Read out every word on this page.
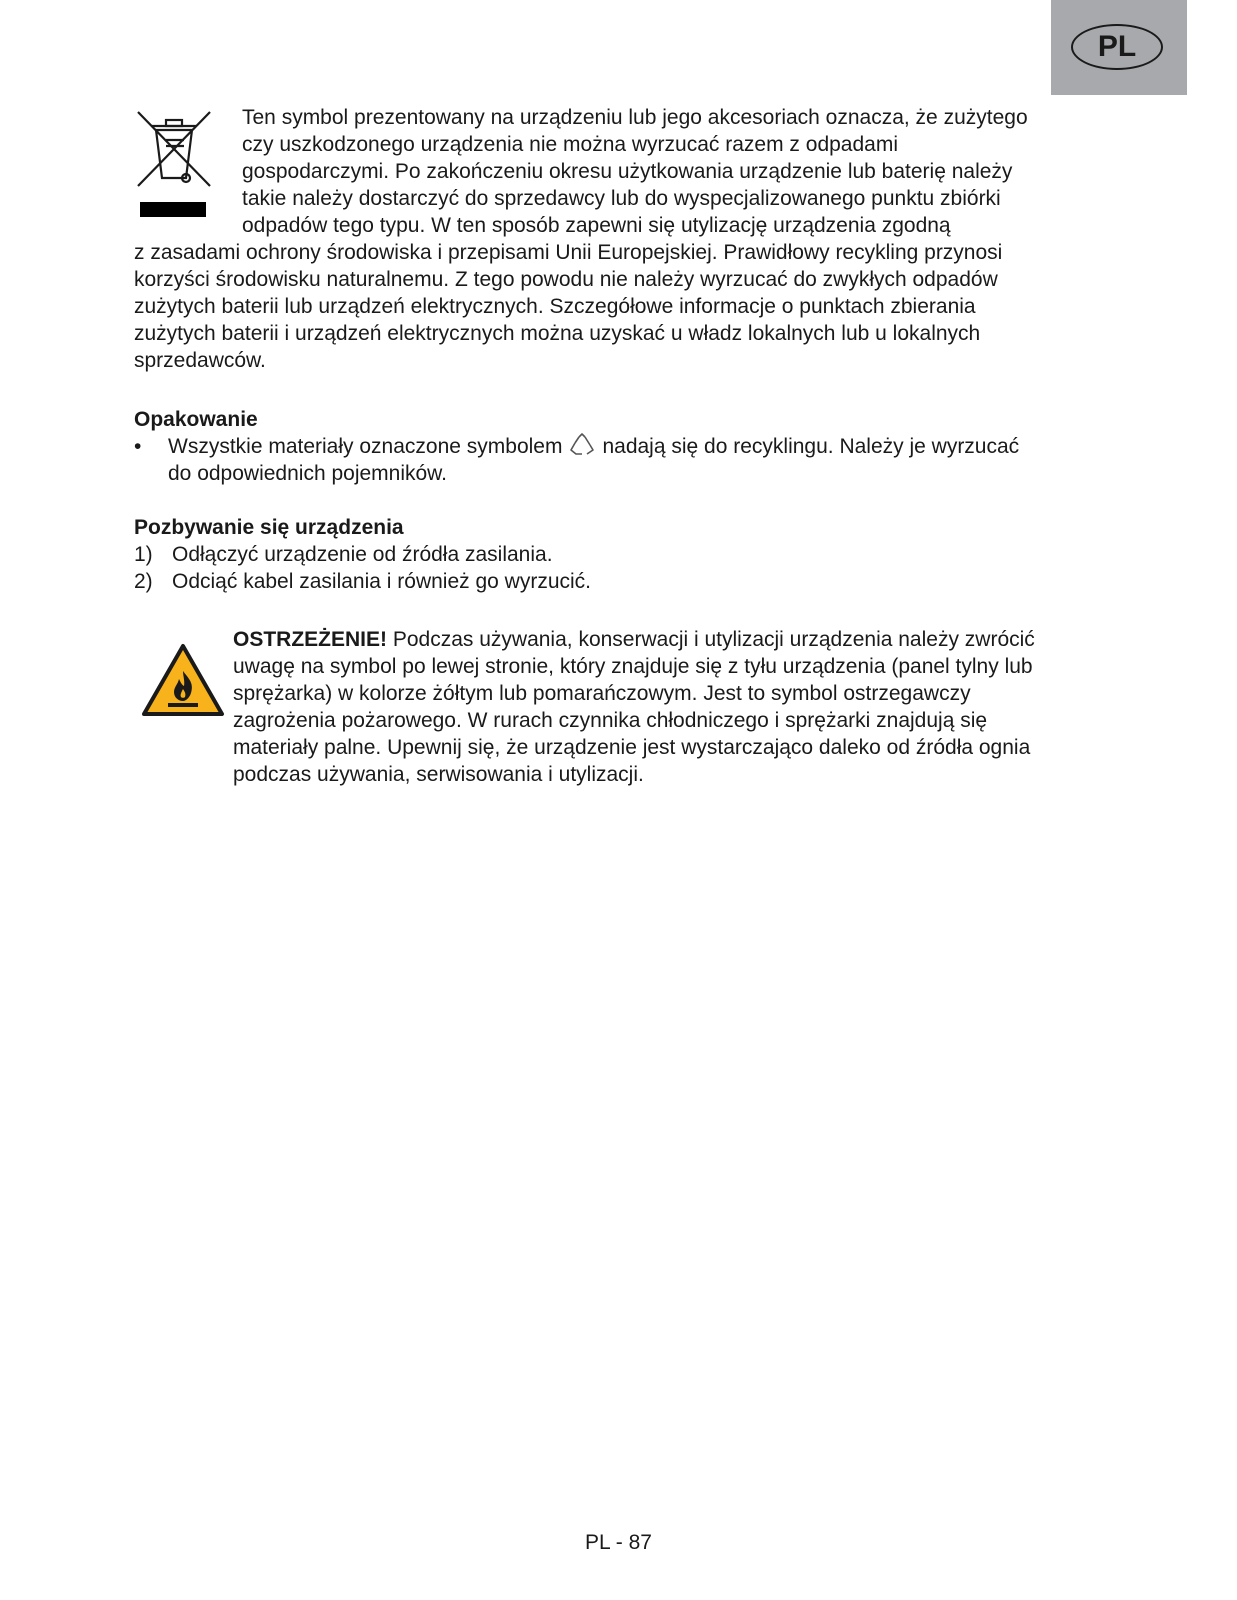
PL
Ten symbol prezentowany na urządzeniu lub jego akcesoriach oznacza, że zużytego
czy uszkodzonego urządzenia nie można wyrzucać razem z odpadami
gospodarczymi. Po zakończeniu okresu użytkowania urządzenie lub baterię należy
takie należy dostarczyć do sprzedawcy lub do wyspecjalizowanego punktu zbiórki
odpadów tego typu. W ten sposób zapewni się utylizację urządzenia zgodną
z zasadami ochrony środowiska i przepisami Unii Europejskiej. Prawidłowy recykling przynosi
korzyści środowisku naturalnemu. Z tego powodu nie należy wyrzucać do zwykłych odpadów
zużytych baterii lub urządzeń elektrycznych. Szczegółowe informacje o punktach zbierania
zużytych baterii i urządzeń elektrycznych można uzyskać u władz lokalnych lub u lokalnych
sprzedawców.
Opakowanie
• Wszystkie materiały oznaczone symbolem nadają się do recyklingu. Należy je wyrzucać
do odpowiednich pojemników.
Pozbywanie się urządzenia
1) Odłączyć urządzenie od źródła zasilania.
2) Odciąć kabel zasilania i również go wyrzucić.
OSTRZEŻENIE! Podczas używania, konserwacji i utylizacji urządzenia należy zwrócić
uwagę na symbol po lewej stronie, który znajduje się z tyłu urządzenia (panel tylny lub
sprężarka) w kolorze żółtym lub pomarańczowym. Jest to symbol ostrzegawczy
zagrożenia pożarowego. W rurach czynnika chłodniczego i sprężarki znajdują się
materiały palne. Upewnij się, że urządzenie jest wystarczająco daleko od źródła ognia
podczas używania, serwisowania i utylizacji.
PL - 87
